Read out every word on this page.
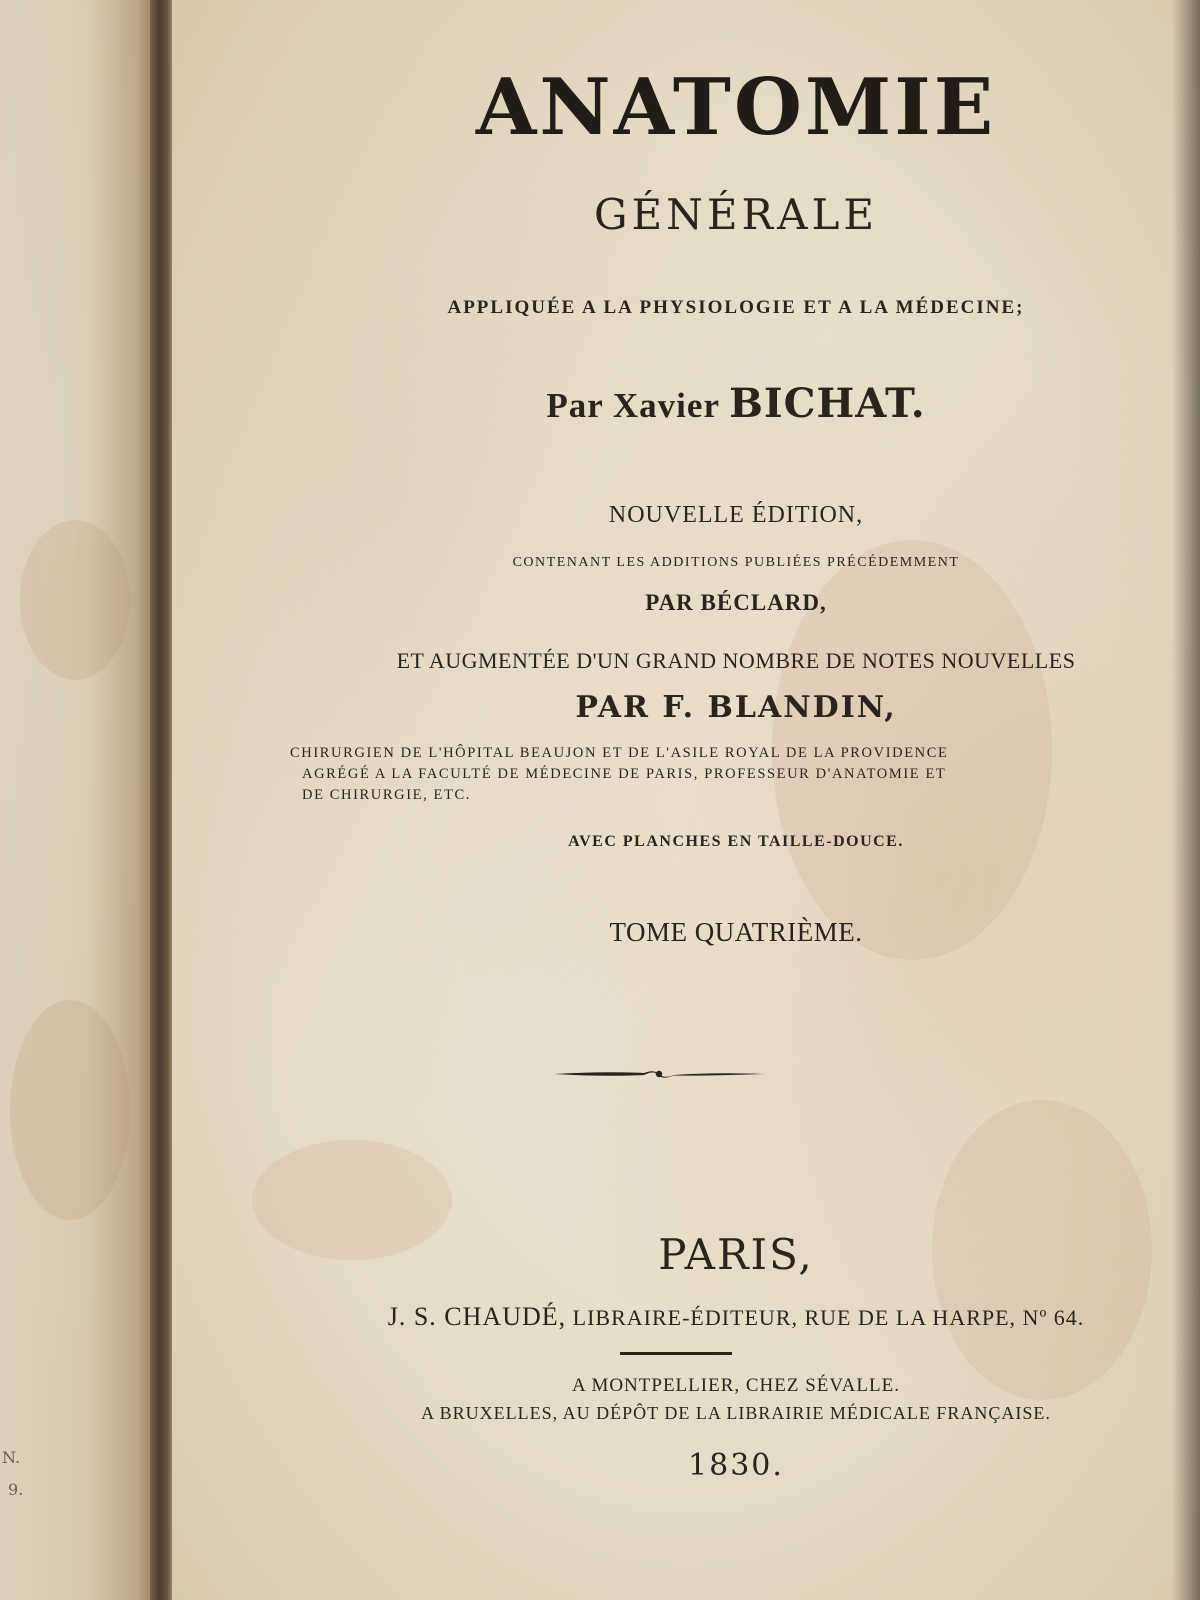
N.
9.
ANATOMIE

GÉNÉRALE

APPLIQUÉE A LA PHYSIOLOGIE ET A LA MÉDECINE;

Par Xavier BICHAT.

NOUVELLE ÉDITION,

CONTENANT LES ADDITIONS PUBLIÉES PRÉCÉDEMMENT

PAR BÉCLARD,

ET AUGMENTÉE D'UN GRAND NOMBRE DE NOTES NOUVELLES

PAR F. BLANDIN,

CHIRURGIEN DE L'HÔPITAL BEAUJON ET DE L'ASILE ROYAL DE LA PROVIDENCE
AGRÉGÉ A LA FACULTÉ DE MÉDECINE DE PARIS, PROFESSEUR D'ANATOMIE ET
DE CHIRURGIE, ETC.

AVEC PLANCHES EN TAILLE-DOUCE.

TOME QUATRIÈME.

PARIS,

J. S. CHAUDÉ, LIBRAIRE-ÉDITEUR, RUE DE LA HARPE, Nº 64.

A MONTPELLIER, CHEZ SÉVALLE.

A BRUXELLES, AU DÉPÔT DE LA LIBRAIRIE MÉDICALE FRANÇAISE.

1830.
